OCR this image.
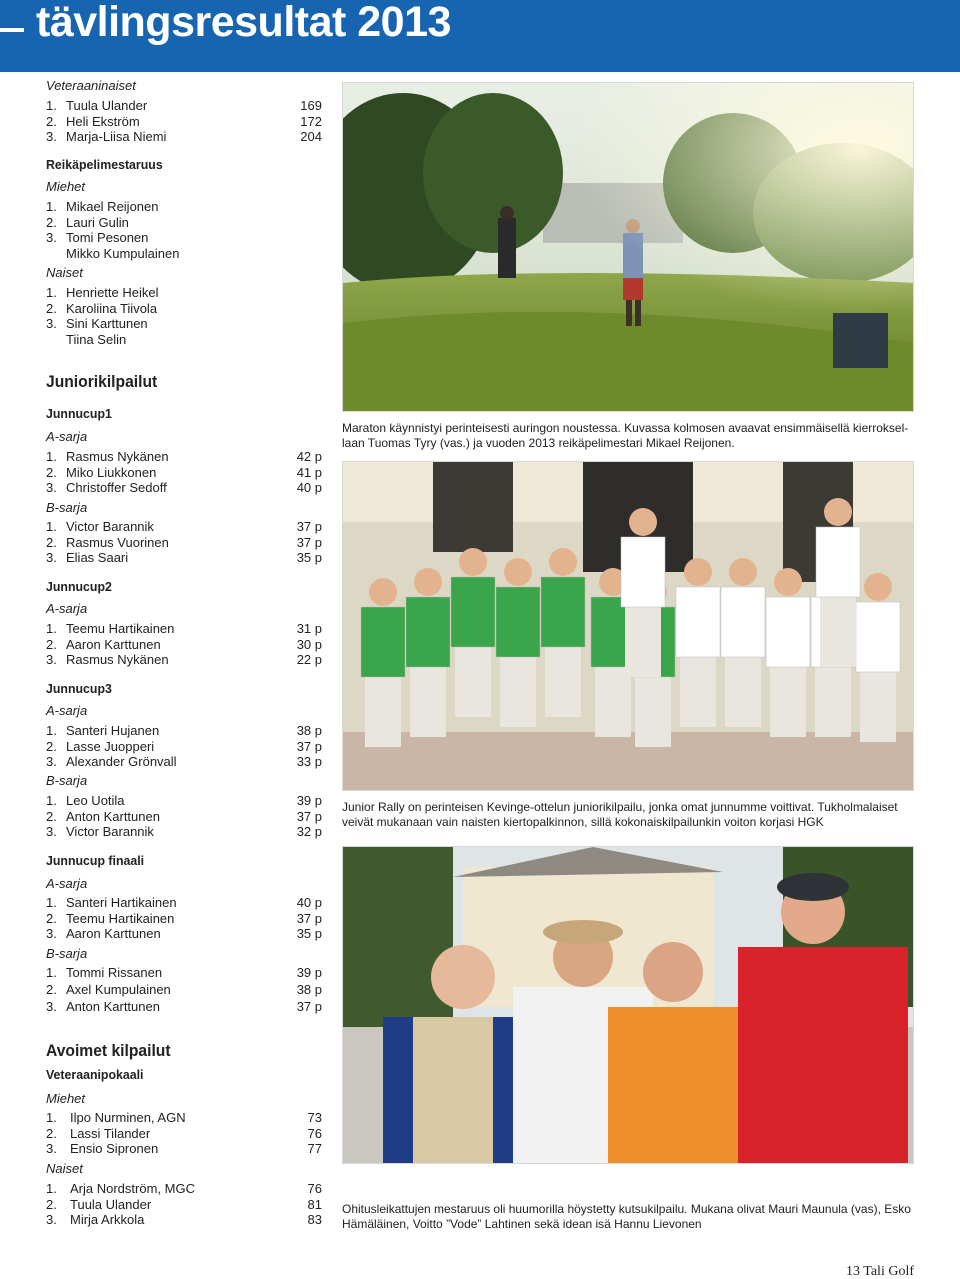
tävlingsresultat 2013
Veteraaninaiset
1. Tuula Ulander	169
2. Heli Ekström	172
3. Marja-Liisa Niemi	204
Reikäpelimestaruus
Miehet
1. Mikael Reijonen
2. Lauri Gulin
3. Tomi Pesonen
Mikko Kumpulainen
Naiset
1. Henriette Heikel
2. Karoliina Tiivola
3. Sini Karttunen
Tiina Selin
Juniorikilpailut
Junnucup1
A-sarja
1. Rasmus Nykänen	42 p
2. Miko Liukkonen	41 p
3. Christoffer Sedoff	40 p
B-sarja
1. Victor Barannik	37 p
2. Rasmus Vuorinen	37 p
3. Elias Saari	35 p
Junnucup2
A-sarja
1. Teemu Hartikainen	31 p
2. Aaron Karttunen	30 p
3. Rasmus Nykänen	22 p
Junnucup3
A-sarja
1. Santeri Hujanen	38 p
2. Lasse Juopperi	37 p
3. Alexander Grönvall	33 p
B-sarja
1. Leo Uotila	39 p
2. Anton Karttunen	37 p
3. Victor Barannik	32 p
Junnucup finaali
A-sarja
1. Santeri Hartikainen	40 p
2. Teemu Hartikainen	37 p
3. Aaron Karttunen	35 p
B-sarja
1. Tommi Rissanen	39 p
2. Axel Kumpulainen	38 p
3. Anton Karttunen	37 p
Avoimet kilpailut
Veteraanipokaali
Miehet
1. Ilpo Nurminen, AGN	73
2. Lassi Tilander	76
3. Ensio Sipronen	77
Naiset
1. Arja Nordström, MGC	76
2. Tuula Ulander	81
3. Mirja Arkkola	83
Maraton käynnistyi perinteisesti auringon noustessa. Kuvassa kolmosen avaavat ensimmäisellä kierroksel-
laan Tuomas Tyry (vas.) ja vuoden 2013 reikäpelimestari Mikael Reijonen.
Junior Rally on perinteisen Kevinge-ottelun juniorikilpailu, jonka omat junnumme voittivat. Tukholmalaiset
veivät mukanaan vain naisten kiertopalkinnon, sillä kokonaiskilpailunkin voiton korjasi HGK
Ohitusleikattujen mestaruus oli huumorilla höystetty kutsukilpailu. Mukana olivat Mauri Maunula (vas), Esko
Hämäläinen, Voitto ”Vode” Lahtinen sekä idean isä Hannu Lievonen
13 Tali Golf
